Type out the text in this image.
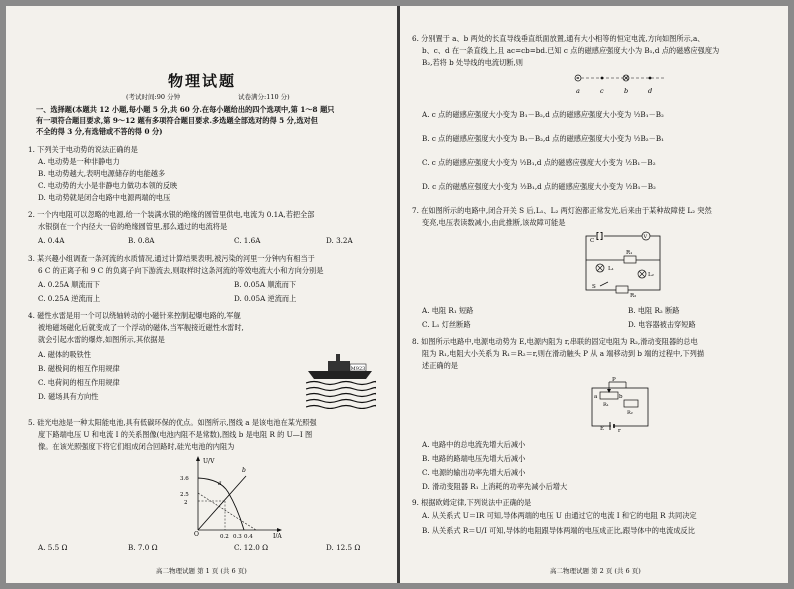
物理试题
(考试时间:90 分钟	试卷满分:110 分)
一、选择题(本题共 12 小题,每小题 5 分,共 60 分.在每小题给出的四个选项中,第 1～8 题只
有一项符合题目要求,第 9～12 题有多项符合题目要求.多选题全部选对的得 5 分,选对但
不全的得 3 分,有选错或不答的得 0 分)
1. 下列关于电动势的说法正确的是
A. 电动势是一种非静电力
B. 电动势越大,表明电源储存的电能越多
C. 电动势的大小是非静电力做功本领的反映
D. 电动势就是闭合电路中电源两端的电压
2. 一个内电阻可以忽略的电源,给一个装满水银的绝缘的圆管里供电,电流为 0.1A,若把全部
水银倒在一个内径大一倍的绝缘圆管里,那么通过的电流将是
A. 0.4A	B. 0.8A	C. 1.6A	D. 3.2A
3. 某兴趣小组调查一条河流的水质情况,通过计算结果表明,被污染的河里一分钟内有相当于
6 C 的正离子和 9 C 的负离子向下游流去,则取样时这条河流的等效电流大小和方向分别是
A. 0.25A 顺流而下	B. 0.05A 顺流而下
C. 0.25A 逆流而上	D. 0.05A 逆流而上
4. 磁性水雷是用一个可以绕轴转动的小磁针来控制起爆电路的,军舰
被地磁场磁化后就变成了一个浮动的磁体,当军舰接近磁性水雷时,
就会引起水雷的爆炸,如图所示,其依据是
A. 磁体的吸铁性
B. 磁极间的相互作用规律
C. 电荷间的相互作用规律
D. 磁场具有方向性
M923
5. 硅光电池是一种太阳能电池,具有低碳环保的优点。如图所示,图线 a 是该电池在某光照强
度下路端电压 U 和电流 I 的关系图像(电池内阻不是常数),图线 b 是电阻 R 的 U—I 图
像。在该光照强度下将它们组成闭合回路时,硅光电池的内阻为
U/V
I/A
O
3.6
2.5
2
0.2 0.3 0.4
a
b
A. 5.5 Ω	B. 7.0 Ω	C. 12.0 Ω	D. 12.5 Ω
高二物理试题 第 1 页 (共 6 页)
6. 分别置于 a、b 两处的长直导线垂直纸面放置,通有大小相等的恒定电流,方向如图所示,a、
b、c、d 在一条直线上,且 ac=cb=bd.已知 c 点的磁感应强度大小为 B₁,d 点的磁感应强度为
B₂,若将 b 处导线的电流切断,则
a	c	b	d
A. c 点的磁感应强度大小变为 B₁－B₂,d 点的磁感应强度大小变为 ½B₁－B₂
B. c 点的磁感应强度大小变为 B₁－B₂,d 点的磁感应强度大小变为 ½B₂－B₁
C. c 点的磁感应强度大小变为 ½B₁,d 点的磁感应强度大小变为 ½B₁－B₂
D. c 点的磁感应强度大小变为 ½B₁,d 点的磁感应强度大小变为 ½B₁－B₂
7. 在如图所示的电路中,闭合开关 S 后,L₁、L₂ 两灯泡都正常发光,后来由于某种故障使 L₂ 突然
变亮,电压表读数减小,由此推断,该故障可能是
C
L₁
R₁
L₂
R₂
S
V
A. 电阻 R₁ 短路	B. 电阻 R₂ 断路
C. L₁ 灯丝断路	D. 电容器被击穿短路
8. 如图所示电路中,电源电动势为 E,电源内阻为 r,串联的固定电阻为 R₂,滑动变阻器的总电
阻为 R₁,电阻大小关系为 R₁＝R₂＝r,则在滑动触头 P 从 a 端移动到 b 端的过程中,下列描
述正确的是
P
a
R₁
b
R₂
E	r
A. 电路中的总电流先增大后减小
B. 电路的路端电压先增大后减小
C. 电源的输出功率先增大后减小
D. 滑动变阻器 R₁ 上消耗的功率先减小后增大
9. 根据欧姆定律,下列说法中正确的是
A. 从关系式 U＝IR 可知,导体两端的电压 U 由通过它的电流 I 和它的电阻 R 共同决定
B. 从关系式 R＝U/I 可知,导体的电阻跟导体两端的电压成正比,跟导体中的电流成反比
高二物理试题 第 2 页 (共 6 页)
